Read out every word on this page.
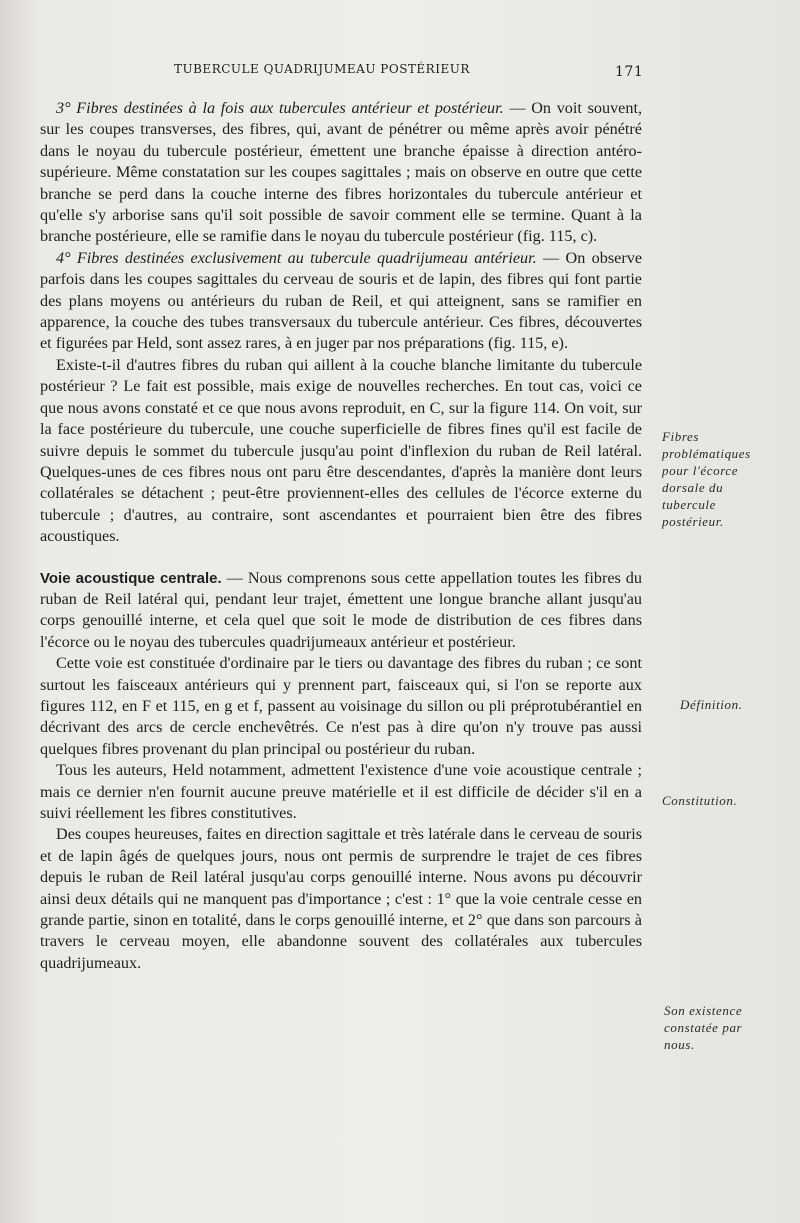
TUBERCULE QUADRIJUMEAU POSTÉRIEUR	171

3° Fibres destinées à la fois aux tubercules antérieur et postérieur. — On voit souvent, sur les coupes transverses, des fibres, qui, avant de pénétrer ou même après avoir pénétré dans le noyau du tubercule postérieur, émettent une branche épaisse à direction antéro-supérieure. Même constatation sur les coupes sagittales ; mais on observe en outre que cette branche se perd dans la couche interne des fibres horizontales du tubercule antérieur et qu'elle s'y arborise sans qu'il soit possible de savoir comment elle se termine. Quant à la branche postérieure, elle se ramifie dans le noyau du tubercule postérieur (fig. 115, c).

4° Fibres destinées exclusivement au tubercule quadrijumeau antérieur. — On observe parfois dans les coupes sagittales du cerveau de souris et de lapin, des fibres qui font partie des plans moyens ou antérieurs du ruban de Reil, et qui atteignent, sans se ramifier en apparence, la couche des tubes transversaux du tubercule antérieur. Ces fibres, découvertes et figurées par Held, sont assez rares, à en juger par nos préparations (fig. 115, e).

Existe-t-il d'autres fibres du ruban qui aillent à la couche blanche limitante du tubercule postérieur ? Le fait est possible, mais exige de nouvelles recherches. En tout cas, voici ce que nous avons constaté et ce que nous avons reproduit, en C, sur la figure 114. On voit, sur la face postérieure du tubercule, une couche superficielle de fibres fines qu'il est facile de suivre depuis le sommet du tubercule jusqu'au point d'inflexion du ruban de Reil latéral. Quelques-unes de ces fibres nous ont paru être descendantes, d'après la manière dont leurs collatérales se détachent ; peut-être proviennent-elles des cellules de l'écorce externe du tubercule ; d'autres, au contraire, sont ascendantes et pourraient bien être des fibres acoustiques.

Voie acoustique centrale. — Nous comprenons sous cette appellation toutes les fibres du ruban de Reil latéral qui, pendant leur trajet, émettent une longue branche allant jusqu'au corps genouillé interne, et cela quel que soit le mode de distribution de ces fibres dans l'écorce ou le noyau des tubercules quadrijumeaux antérieur et postérieur.

Cette voie est constituée d'ordinaire par le tiers ou davantage des fibres du ruban ; ce sont surtout les faisceaux antérieurs qui y prennent part, faisceaux qui, si l'on se reporte aux figures 112, en F et 115, en g et f, passent au voisinage du sillon ou pli préprotubérantiel en décrivant des arcs de cercle enchevêtrés. Ce n'est pas à dire qu'on n'y trouve pas aussi quelques fibres provenant du plan principal ou postérieur du ruban.

Tous les auteurs, Held notamment, admettent l'existence d'une voie acoustique centrale ; mais ce dernier n'en fournit aucune preuve matérielle et il est difficile de décider s'il en a suivi réellement les fibres constitutives.

Des coupes heureuses, faites en direction sagittale et très latérale dans le cerveau de souris et de lapin âgés de quelques jours, nous ont permis de surprendre le trajet de ces fibres depuis le ruban de Reil latéral jusqu'au corps genouillé interne. Nous avons pu découvrir ainsi deux détails qui ne manquent pas d'importance ; c'est : 1° que la voie centrale cesse en grande partie, sinon en totalité, dans le corps genouillé interne, et 2° que dans son parcours à travers le cerveau moyen, elle abandonne souvent des collatérales aux tubercules quadrijumeaux.

Fibres problématiques pour l'écorce dorsale du tubercule postérieur.
Définition.
Constitution.
Son existence constatée par nous.
